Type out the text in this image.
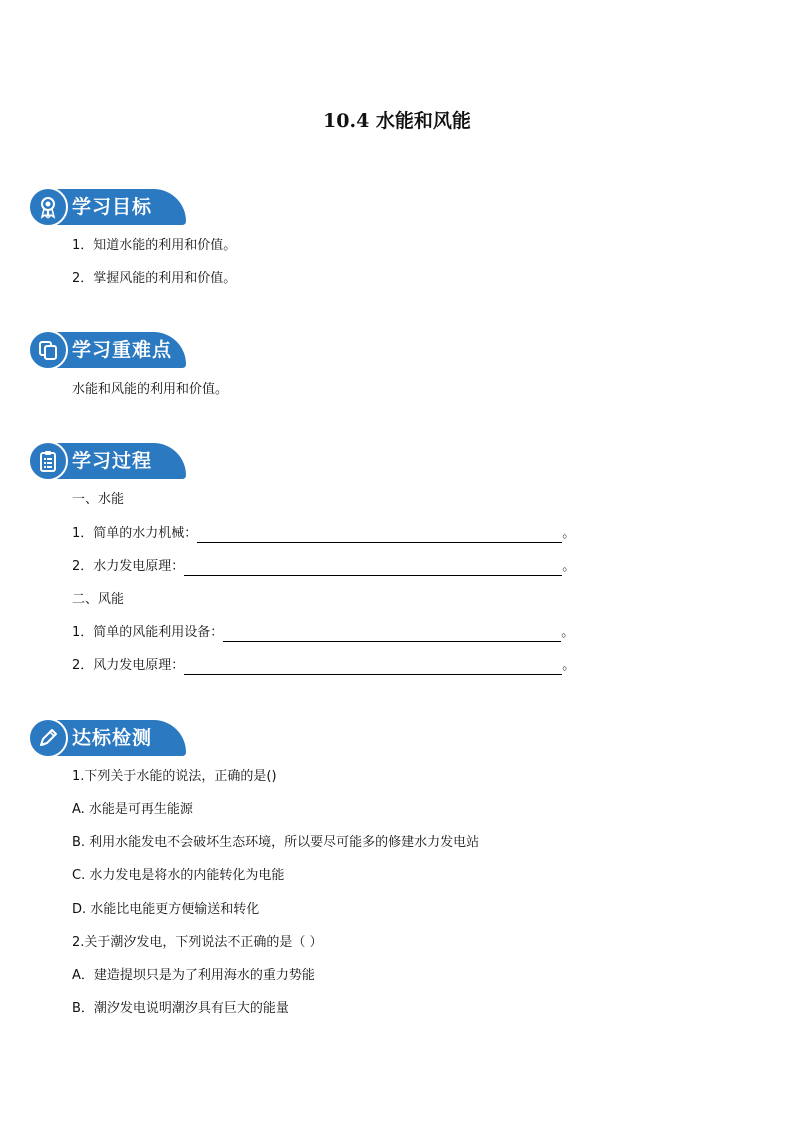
10.4 水能和风能
学习目标
1．知道水能的利用和价值。
2．掌握风能的利用和价值。
学习重难点
水能和风能的利用和价值。
学习过程
一、水能
1．简单的水力机械：	。
2．水力发电原理：	。
二、风能
1．简单的风能利用设备：	。
2．风力发电原理：	。
达标检测
1.下列关于水能的说法，正确的是()
A. 水能是可再生能源
B. 利用水能发电不会破坏生态环境，所以要尽可能多的修建水力发电站
C. 水力发电是将水的内能转化为电能
D. 水能比电能更方便输送和转化
2.关于潮汐发电，下列说法不正确的是（ ）
A．建造提坝只是为了利用海水的重力势能
B．潮汐发电说明潮汐具有巨大的能量
